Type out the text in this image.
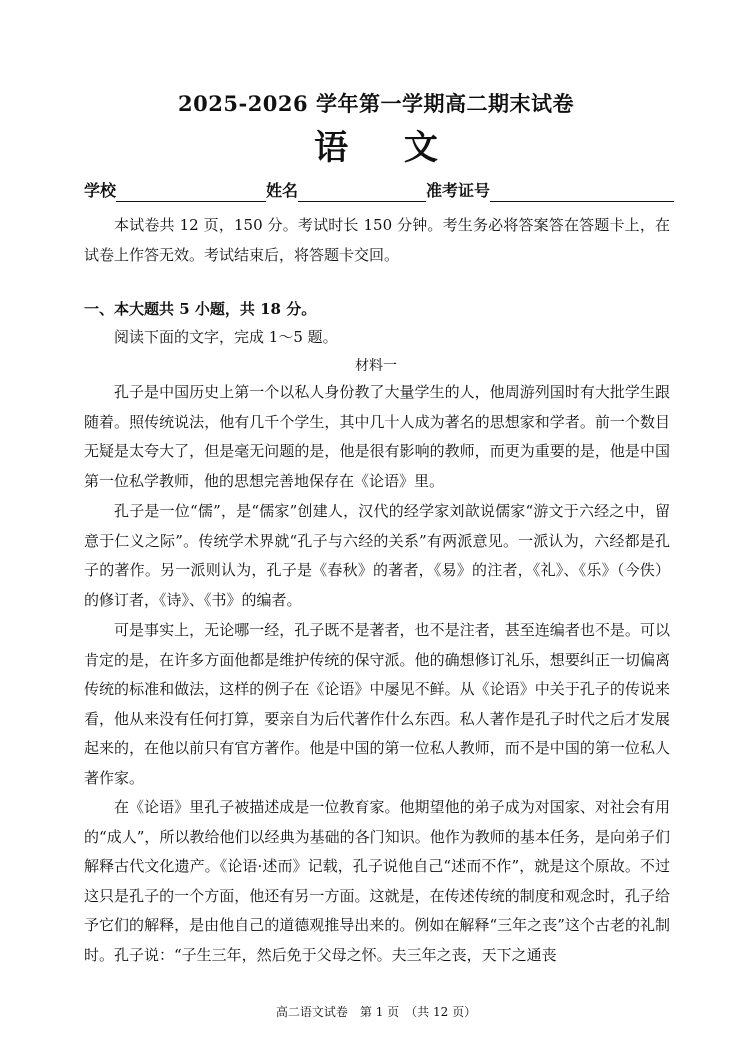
2025-2026 学年第一学期高二期末试卷
语 文
学校	姓名	准考证号
本试卷共 12 页，150 分。考试时长 150 分钟。考生务必将答案答在答题卡上，在试卷上作答无效。考试结束后，将答题卡交回。
一、本大题共 5 小题，共 18 分。
阅读下面的文字，完成 1～5 题。
材料一
孔子是中国历史上第一个以私人身份教了大量学生的人，他周游列国时有大批学生跟随着。照传统说法，他有几千个学生，其中几十人成为著名的思想家和学者。前一个数目无疑是太夸大了，但是毫无问题的是，他是很有影响的教师，而更为重要的是，他是中国第一位私学教师，他的思想完善地保存在《论语》里。
孔子是一位“儒”，是“儒家”创建人，汉代的经学家刘歆说儒家“游文于六经之中，留意于仁义之际”。传统学术界就“孔子与六经的关系”有两派意见。一派认为，六经都是孔子的著作。另一派则认为，孔子是《春秋》的著者，《易》的注者，《礼》、《乐》（今佚）的修订者，《诗》、《书》的编者。
可是事实上，无论哪一经，孔子既不是著者，也不是注者，甚至连编者也不是。可以肯定的是，在许多方面他都是维护传统的保守派。他的确想修订礼乐，想要纠正一切偏离传统的标准和做法，这样的例子在《论语》中屡见不鲜。从《论语》中关于孔子的传说来看，他从来没有任何打算，要亲自为后代著作什么东西。私人著作是孔子时代之后才发展起来的，在他以前只有官方著作。他是中国的第一位私人教师，而不是中国的第一位私人著作家。
在《论语》里孔子被描述成是一位教育家。他期望他的弟子成为对国家、对社会有用的“成人”，所以教给他们以经典为基础的各门知识。他作为教师的基本任务，是向弟子们解释古代文化遗产。《论语·述而》记载，孔子说他自己“述而不作”，就是这个原故。不过这只是孔子的一个方面，他还有另一方面。这就是，在传述传统的制度和观念时，孔子给予它们的解释，是由他自己的道德观推导出来的。例如在解释“三年之丧”这个古老的礼制时。孔子说：“子生三年，然后免于父母之怀。夫三年之丧，天下之通丧
高二语文试卷　第 1 页　（共 12 页）
